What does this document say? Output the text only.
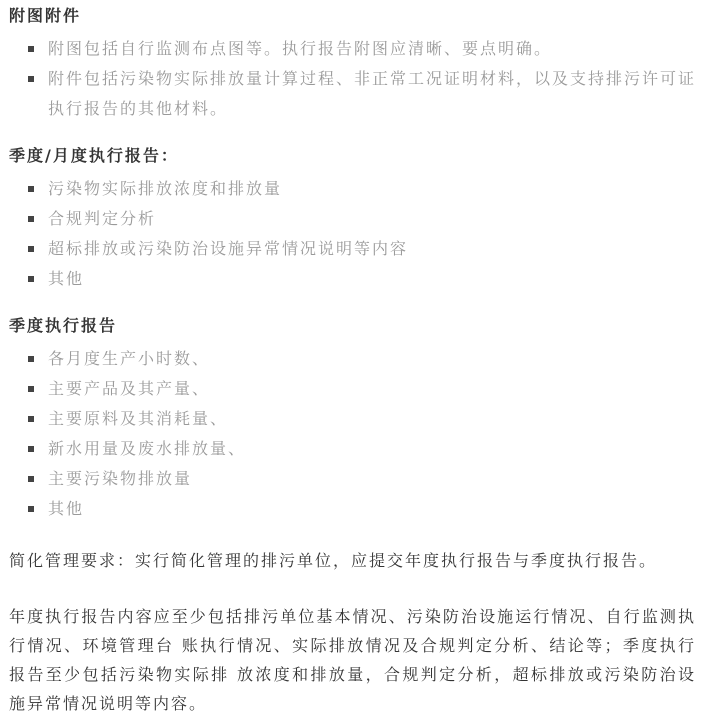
附图附件
附图包括自行监测布点图等。执行报告附图应清晰、要点明确。
附件包括污染物实际排放量计算过程、非正常工况证明材料，以及支持排污许可证执行报告的其他材料。
季度/月度执行报告：
污染物实际排放浓度和排放量
合规判定分析
超标排放或污染防治设施异常情况说明等内容
其他
季度执行报告
各月度生产小时数、
主要产品及其产量、
主要原料及其消耗量、
新水用量及废水排放量、
主要污染物排放量
其他

简化管理要求：实行简化管理的排污单位，应提交年度执行报告与季度执行报告。

年度执行报告内容应至少包括排污单位基本情况、污染防治设施运行情况、自行监测执行情况、环境管理台 账执行情况、实际排放情况及合规判定分析、结论等；季度执行报告至少包括污染物实际排 放浓度和排放量，合规判定分析，超标排放或污染防治设施异常情况说明等内容。
